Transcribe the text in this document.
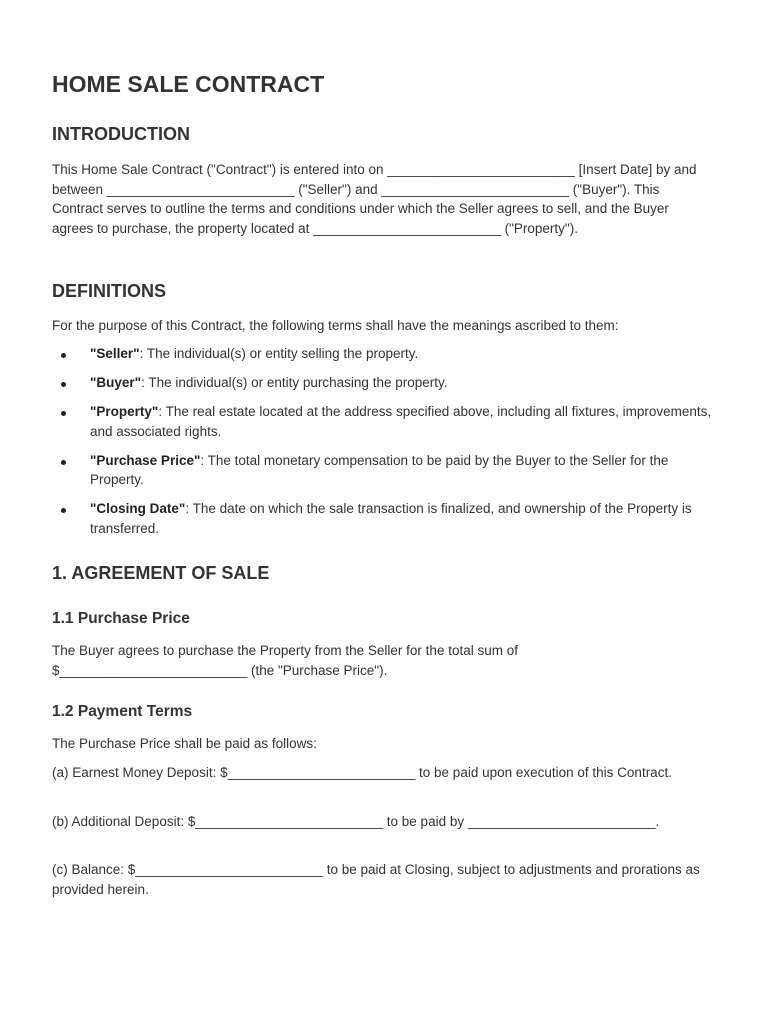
HOME SALE CONTRACT
INTRODUCTION

This Home Sale Contract ("Contract") is entered into on _________________________ [Insert Date] by and between _________________________ ("Seller") and _________________________ ("Buyer"). This Contract serves to outline the terms and conditions under which the Seller agrees to sell, and the Buyer agrees to purchase, the property located at _________________________ ("Property").

DEFINITIONS

For the purpose of this Contract, the following terms shall have the meanings ascribed to them:

"Seller": The individual(s) or entity selling the property.
"Buyer": The individual(s) or entity purchasing the property.
"Property": The real estate located at the address specified above, including all fixtures, improvements, and associated rights.
"Purchase Price": The total monetary compensation to be paid by the Buyer to the Seller for the Property.
"Closing Date": The date on which the sale transaction is finalized, and ownership of the Property is transferred.
1. AGREEMENT OF SALE
1.1 Purchase Price

The Buyer agrees to purchase the Property from the Seller for the total sum of $_________________________ (the "Purchase Price").

1.2 Payment Terms

The Purchase Price shall be paid as follows:

(a) Earnest Money Deposit: $_________________________ to be paid upon execution of this Contract.

(b) Additional Deposit: $_________________________ to be paid by _________________________.

(c) Balance: $_________________________ to be paid at Closing, subject to adjustments and prorations as provided herein.
